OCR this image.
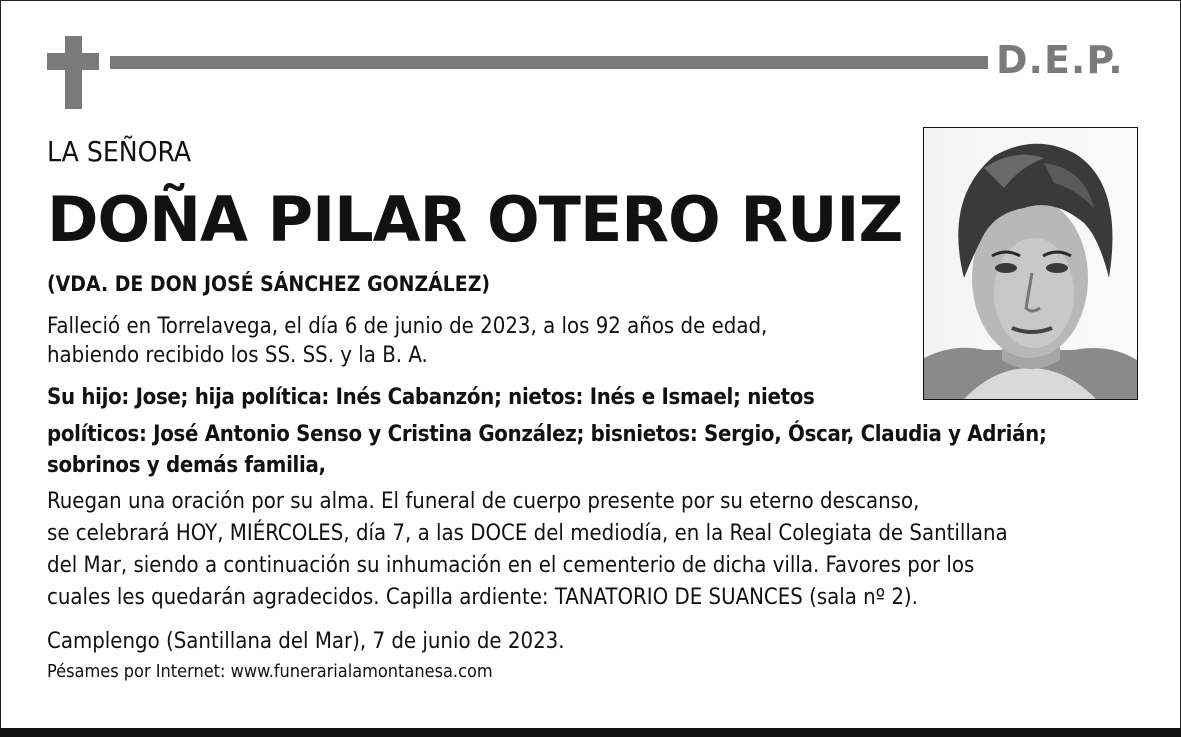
D.E.P.
LA SEÑORA
DOÑA PILAR OTERO RUIZ
(VDA. DE DON JOSÉ SÁNCHEZ GONZÁLEZ)
Falleció en Torrelavega, el día 6 de junio de 2023, a los 92 años de edad,
habiendo recibido los SS. SS. y la B. A.
Su hijo: Jose; hija política: Inés Cabanzón; nietos: Inés e Ismael; nietos
políticos: José Antonio Senso y Cristina González; bisnietos: Sergio, Óscar, Claudia y Adrián;
sobrinos y demás familia,
Ruegan una oración por su alma. El funeral de cuerpo presente por su eterno descanso,
se celebrará HOY, MIÉRCOLES, día 7, a las DOCE del mediodía, en la Real Colegiata de Santillana
del Mar, siendo a continuación su inhumación en el cementerio de dicha villa. Favores por los
cuales les quedarán agradecidos. Capilla ardiente: TANATORIO DE SUANCES (sala nº 2).
Camplengo (Santillana del Mar), 7 de junio de 2023.
Pésames por Internet: www.funerarialamontanesa.com
